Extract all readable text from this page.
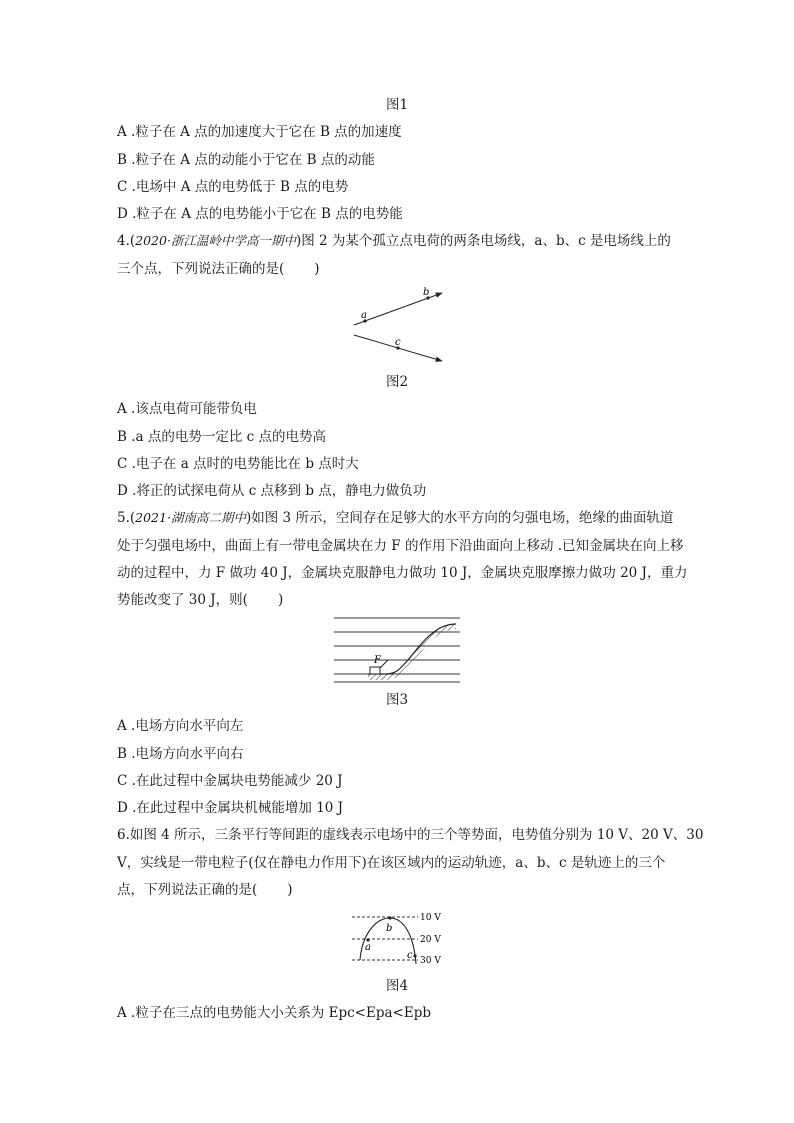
图1
A .粒子在 A 点的加速度大于它在 B 点的加速度
B .粒子在 A 点的动能小于它在 B 点的动能
C .电场中 A 点的电势低于 B 点的电势
D .粒子在 A 点的电势能小于它在 B 点的电势能
4.(2020·浙江温岭中学高一期中)图 2 为某个孤立点电荷的两条电场线，a、b、c 是电场线上的
三个点，下列说法正确的是( )
a
b
c
图2
A .该点电荷可能带负电
B .a 点的电势一定比 c 点的电势高
C .电子在 a 点时的电势能比在 b 点时大
D .将正的试探电荷从 c 点移到 b 点，静电力做负功
5.(2021·湖南高二期中)如图 3 所示，空间存在足够大的水平方向的匀强电场，绝缘的曲面轨道
处于匀强电场中，曲面上有一带电金属块在力 F 的作用下沿曲面向上移动 .已知金属块在向上移
动的过程中，力 F 做功 40 J，金属块克服静电力做功 10 J，金属块克服摩擦力做功 20 J，重力
势能改变了 30 J，则( )
F
图3
A .电场方向水平向左
B .电场方向水平向右
C .在此过程中金属块电势能减少 20 J
D .在此过程中金属块机械能增加 10 J
6.如图 4 所示，三条平行等间距的虚线表示电场中的三个等势面，电势值分别为 10 V、20 V、30
V，实线是一带电粒子(仅在静电力作用下)在该区域内的运动轨迹，a、b、c 是轨迹上的三个
点，下列说法正确的是( )
10 V
20 V
30 V
a
b
c
图4
A .粒子在三点的电势能大小关系为 Epc<Epa<Epb
